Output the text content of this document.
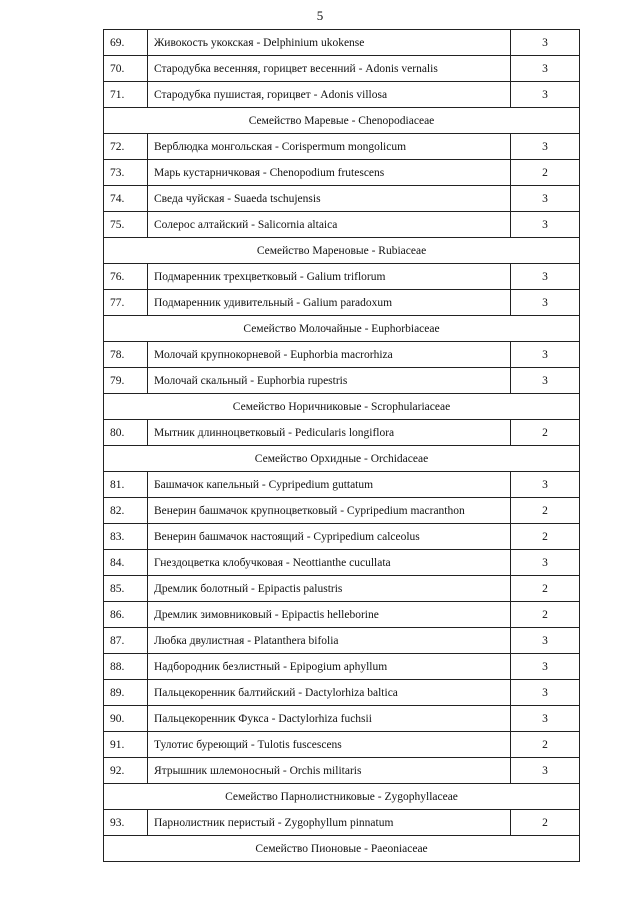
5
69.	Живокость укокская - Delphinium ukokense	3
70.	Стародубка весенняя, горицвет весенний - Adonis vernalis	3
71.	Стародубка пушистая, горицвет - Adonis villosa	3
Семейство Маревые - Chenopodiaceae		
72.	Верблюдка монгольская - Corispermum mongolicum	3
73.	Марь кустарничковая - Chenopodium frutescens	2
74.	Сведа чуйская - Suaeda tschujensis	3
75.	Солерос алтайский - Salicornia altaica	3
Семейство Мареновые - Rubiaceae		
76.	Подмаренник трехцветковый - Galium triflorum	3
77.	Подмаренник удивительный - Galium paradoxum	3
Семейство Молочайные - Euphorbiaceae		
78.	Молочай крупнокорневой - Euphorbia macrorhiza	3
79.	Молочай скальный - Euphorbia rupestris	3
Семейство Норичниковые - Scrophulariaceae		
80.	Мытник длинноцветковый - Pedicularis longiflora	2
Семейство Орхидные - Orchidaceae		
81.	Башмачок капельный - Cypripedium guttatum	3
82.	Венерин башмачок крупноцветковый - Cypripedium macranthon	2
83.	Венерин башмачок настоящий - Cypripedium calceolus	2
84.	Гнездоцветка клобучковая - Neottianthe cucullata	3
85.	Дремлик болотный - Epipactis palustris	2
86.	Дремлик зимовниковый - Epipactis helleborine	2
87.	Любка двулистная - Platanthera bifolia	3
88.	Надбородник безлистный - Epipogium aphyllum	3
89.	Пальцекоренник балтийский - Dactylorhiza baltica	3
90.	Пальцекоренник Фукса - Dactylorhiza fuchsii	3
91.	Тулотис буреющий - Tulotis fuscescens	2
92.	Ятрышник шлемоносный - Orchis militaris	3
Семейство Парнолистниковые - Zygophyllaceae		
93.	Парнолистник перистый - Zygophyllum pinnatum	2
Семейство Пионовые - Paeoniaceae		
